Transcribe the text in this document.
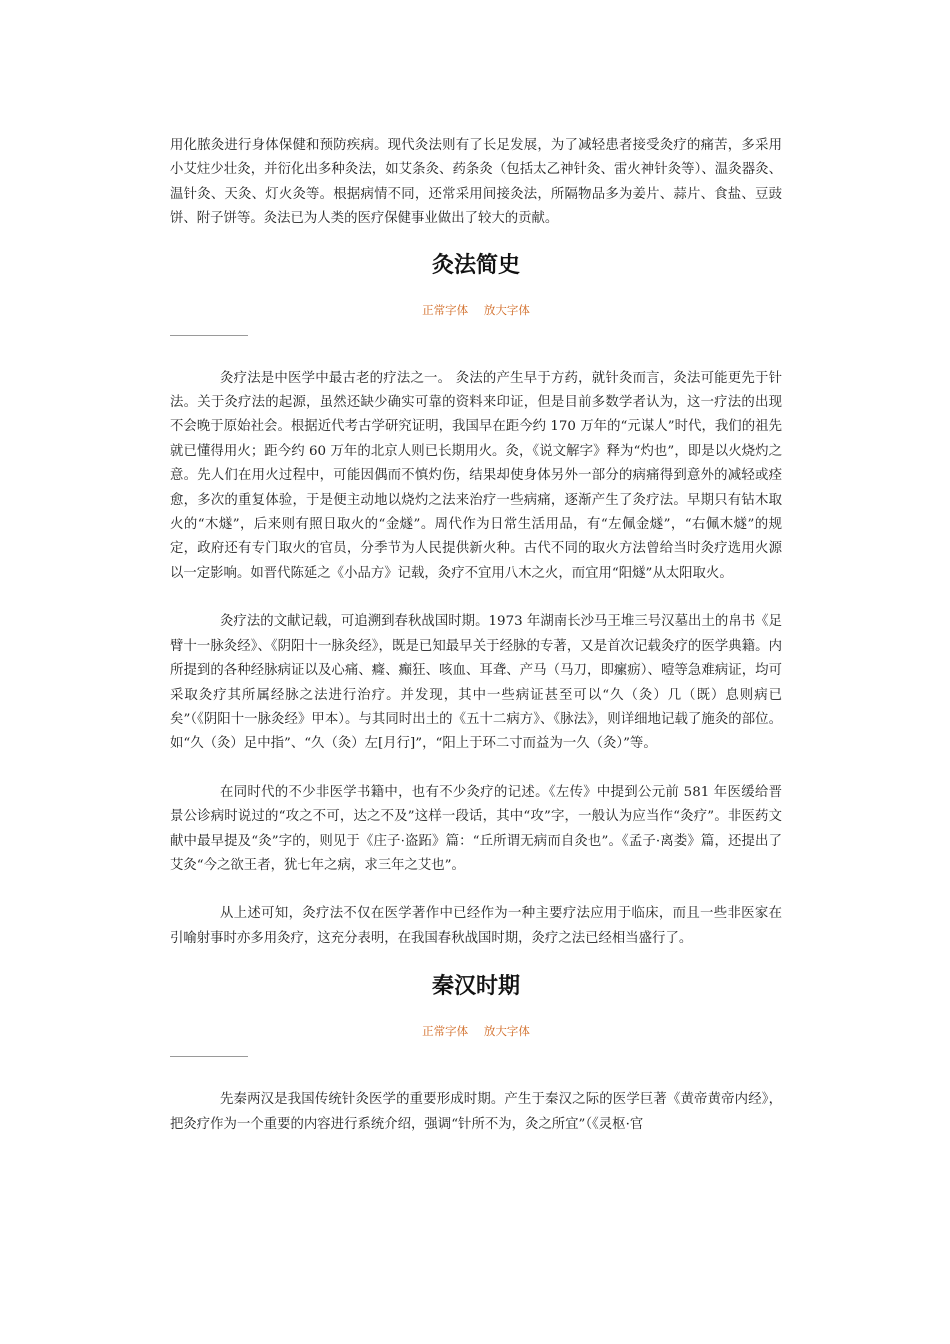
用化脓灸进行身体保健和预防疾病。现代灸法则有了长足发展，为了减轻患者接受灸疗的痛苦，多采用小艾炷少壮灸，并衍化出多种灸法，如艾条灸、药条灸（包括太乙神针灸、雷火神针灸等）、温灸器灸、温针灸、天灸、灯火灸等。根据病情不同，还常采用间接灸法，所隔物品多为姜片、蒜片、食盐、豆豉饼、附子饼等。灸法已为人类的医疗保健事业做出了较大的贡献。

灸法简史
正常字体 放大字体

灸疗法是中医学中最古老的疗法之一。 灸法的产生早于方药，就针灸而言，灸法可能更先于针法。关于灸疗法的起源，虽然还缺少确实可靠的资料来印证，但是目前多数学者认为，这一疗法的出现不会晚于原始社会。根据近代考古学研究证明，我国早在距今约 170 万年的“元谋人”时代，我们的祖先就已懂得用火；距今约 60 万年的北京人则已长期用火。灸，《说文解字》释为“灼也”，即是以火烧灼之意。先人们在用火过程中，可能因偶而不慎灼伤，结果却使身体另外一部分的病痛得到意外的减轻或痊愈，多次的重复体验，于是便主动地以烧灼之法来治疗一些病痛，逐渐产生了灸疗法。早期只有钻木取火的“木燧”，后来则有照日取火的“金燧”。周代作为日常生活用品，有“左佩金燧”，“右佩木燧”的规定，政府还有专门取火的官员，分季节为人民提供新火种。古代不同的取火方法曾给当时灸疗选用火源以一定影响。如晋代陈延之《小品方》记载，灸疗不宜用八木之火，而宜用“阳燧”从太阳取火。

灸疗法的文献记载，可追溯到春秋战国时期。1973 年湖南长沙马王堆三号汉墓出土的帛书《足臂十一脉灸经》、《阴阳十一脉灸经》，既是已知最早关于经脉的专著，又是首次记载灸疗的医学典籍。内所提到的各种经脉病证以及心痛、癃、癫狂、咳血、耳聋、产马（马刀，即瘰疬）、噎等急难病证，均可采取灸疗其所属经脉之法进行治疗。并发现，其中一些病证甚至可以“久（灸）几（既）息则病已矣”（《阴阳十一脉灸经》甲本）。与其同时出土的《五十二病方》、《脉法》，则详细地记载了施灸的部位。如“久（灸）足中指”、“久（灸）左[月行]”，“阳上于环二寸而益为一久（灸）”等。

在同时代的不少非医学书籍中，也有不少灸疗的记述。《左传》中提到公元前 581 年医缓给晋景公诊病时说过的“攻之不可，达之不及”这样一段话，其中“攻”字，一般认为应当作“灸疗”。非医药文献中最早提及“灸”字的，则见于《庄子·盗跖》篇：“丘所谓无病而自灸也”。《孟子·离娄》篇，还提出了艾灸“今之欲王者，犹七年之病，求三年之艾也”。

从上述可知，灸疗法不仅在医学著作中已经作为一种主要疗法应用于临床，而且一些非医家在引喻射事时亦多用灸疗，这充分表明，在我国春秋战国时期，灸疗之法已经相当盛行了。

秦汉时期
正常字体 放大字体

先秦两汉是我国传统针灸医学的重要形成时期。产生于秦汉之际的医学巨著《黄帝黄帝内经》，把灸疗作为一个重要的内容进行系统介绍，强调“针所不为，灸之所宜”（《灵枢·官
